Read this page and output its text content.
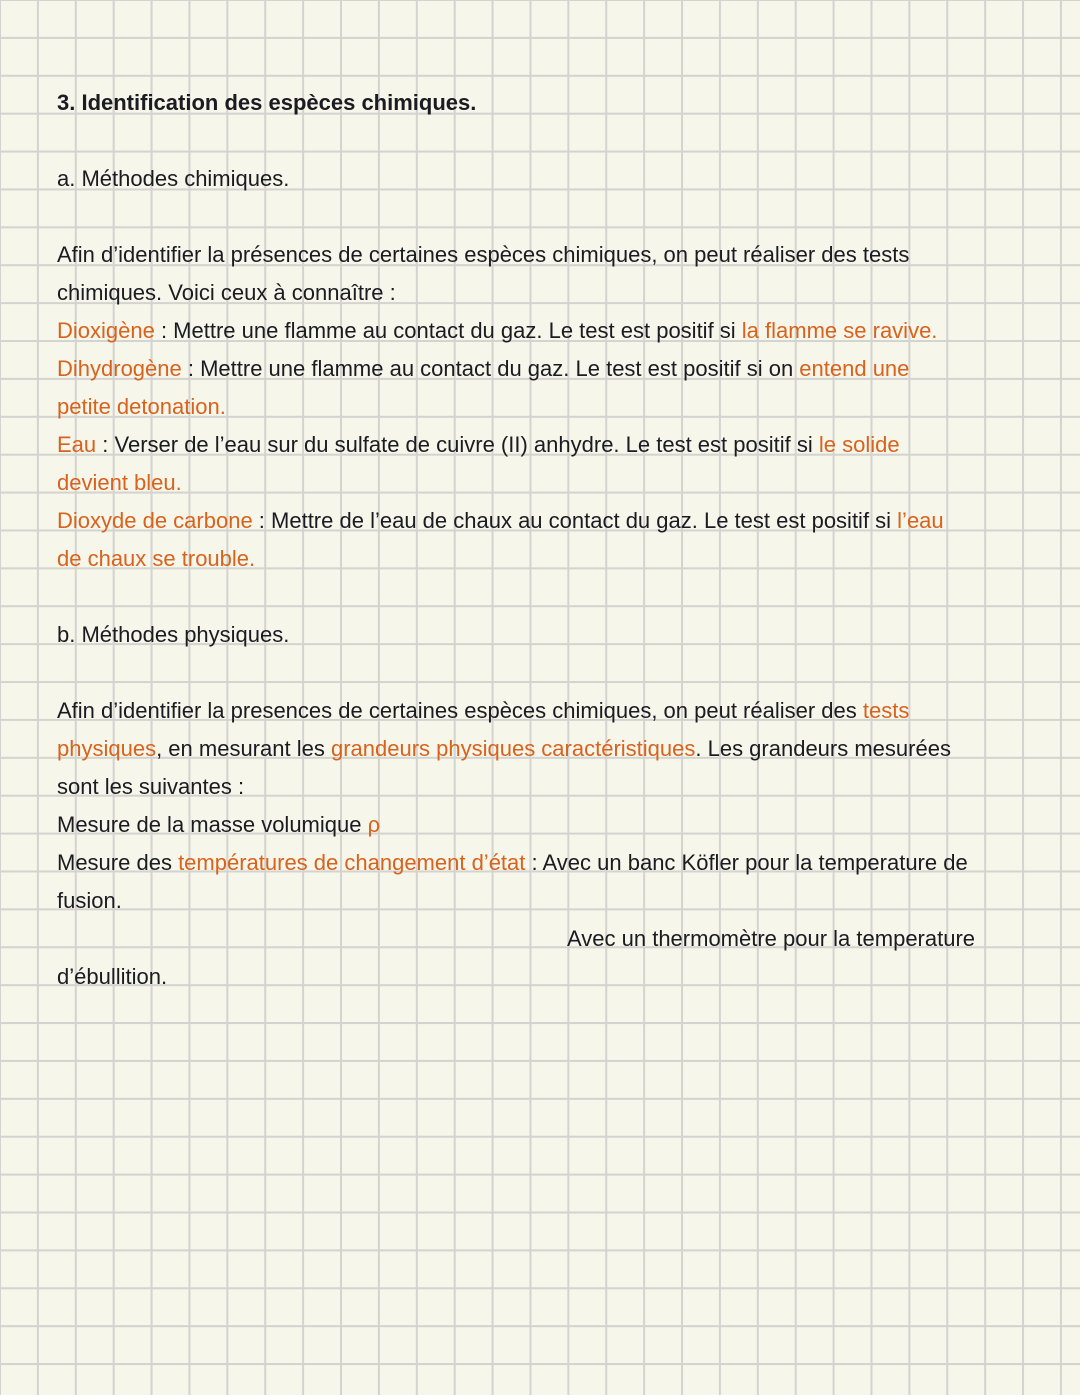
3. Identification des espèces chimiques.
a. Méthodes chimiques.
Afin d’identifier la présences de certaines espèces chimiques, on peut réaliser des tests
chimiques. Voici ceux à connaître :
Dioxigène : Mettre une flamme au contact du gaz. Le test est positif si la flamme se ravive.
Dihydrogène : Mettre une flamme au contact du gaz. Le test est positif si on entend une
petite detonation.
Eau : Verser de l’eau sur du sulfate de cuivre (II) anhydre. Le test est positif si le solide
devient bleu.
Dioxyde de carbone : Mettre de l’eau de chaux au contact du gaz. Le test est positif si l’eau
de chaux se trouble.
b. Méthodes physiques.
Afin d’identifier la presences de certaines espèces chimiques, on peut réaliser des tests
physiques, en mesurant les grandeurs physiques caractéristiques. Les grandeurs mesurées
sont les suivantes :
Mesure de la masse volumique ρ
Mesure des températures de changement d’état : Avec un banc Köfler pour la temperature de
fusion.
Avec un thermomètre pour la temperature
d’ébullition.
